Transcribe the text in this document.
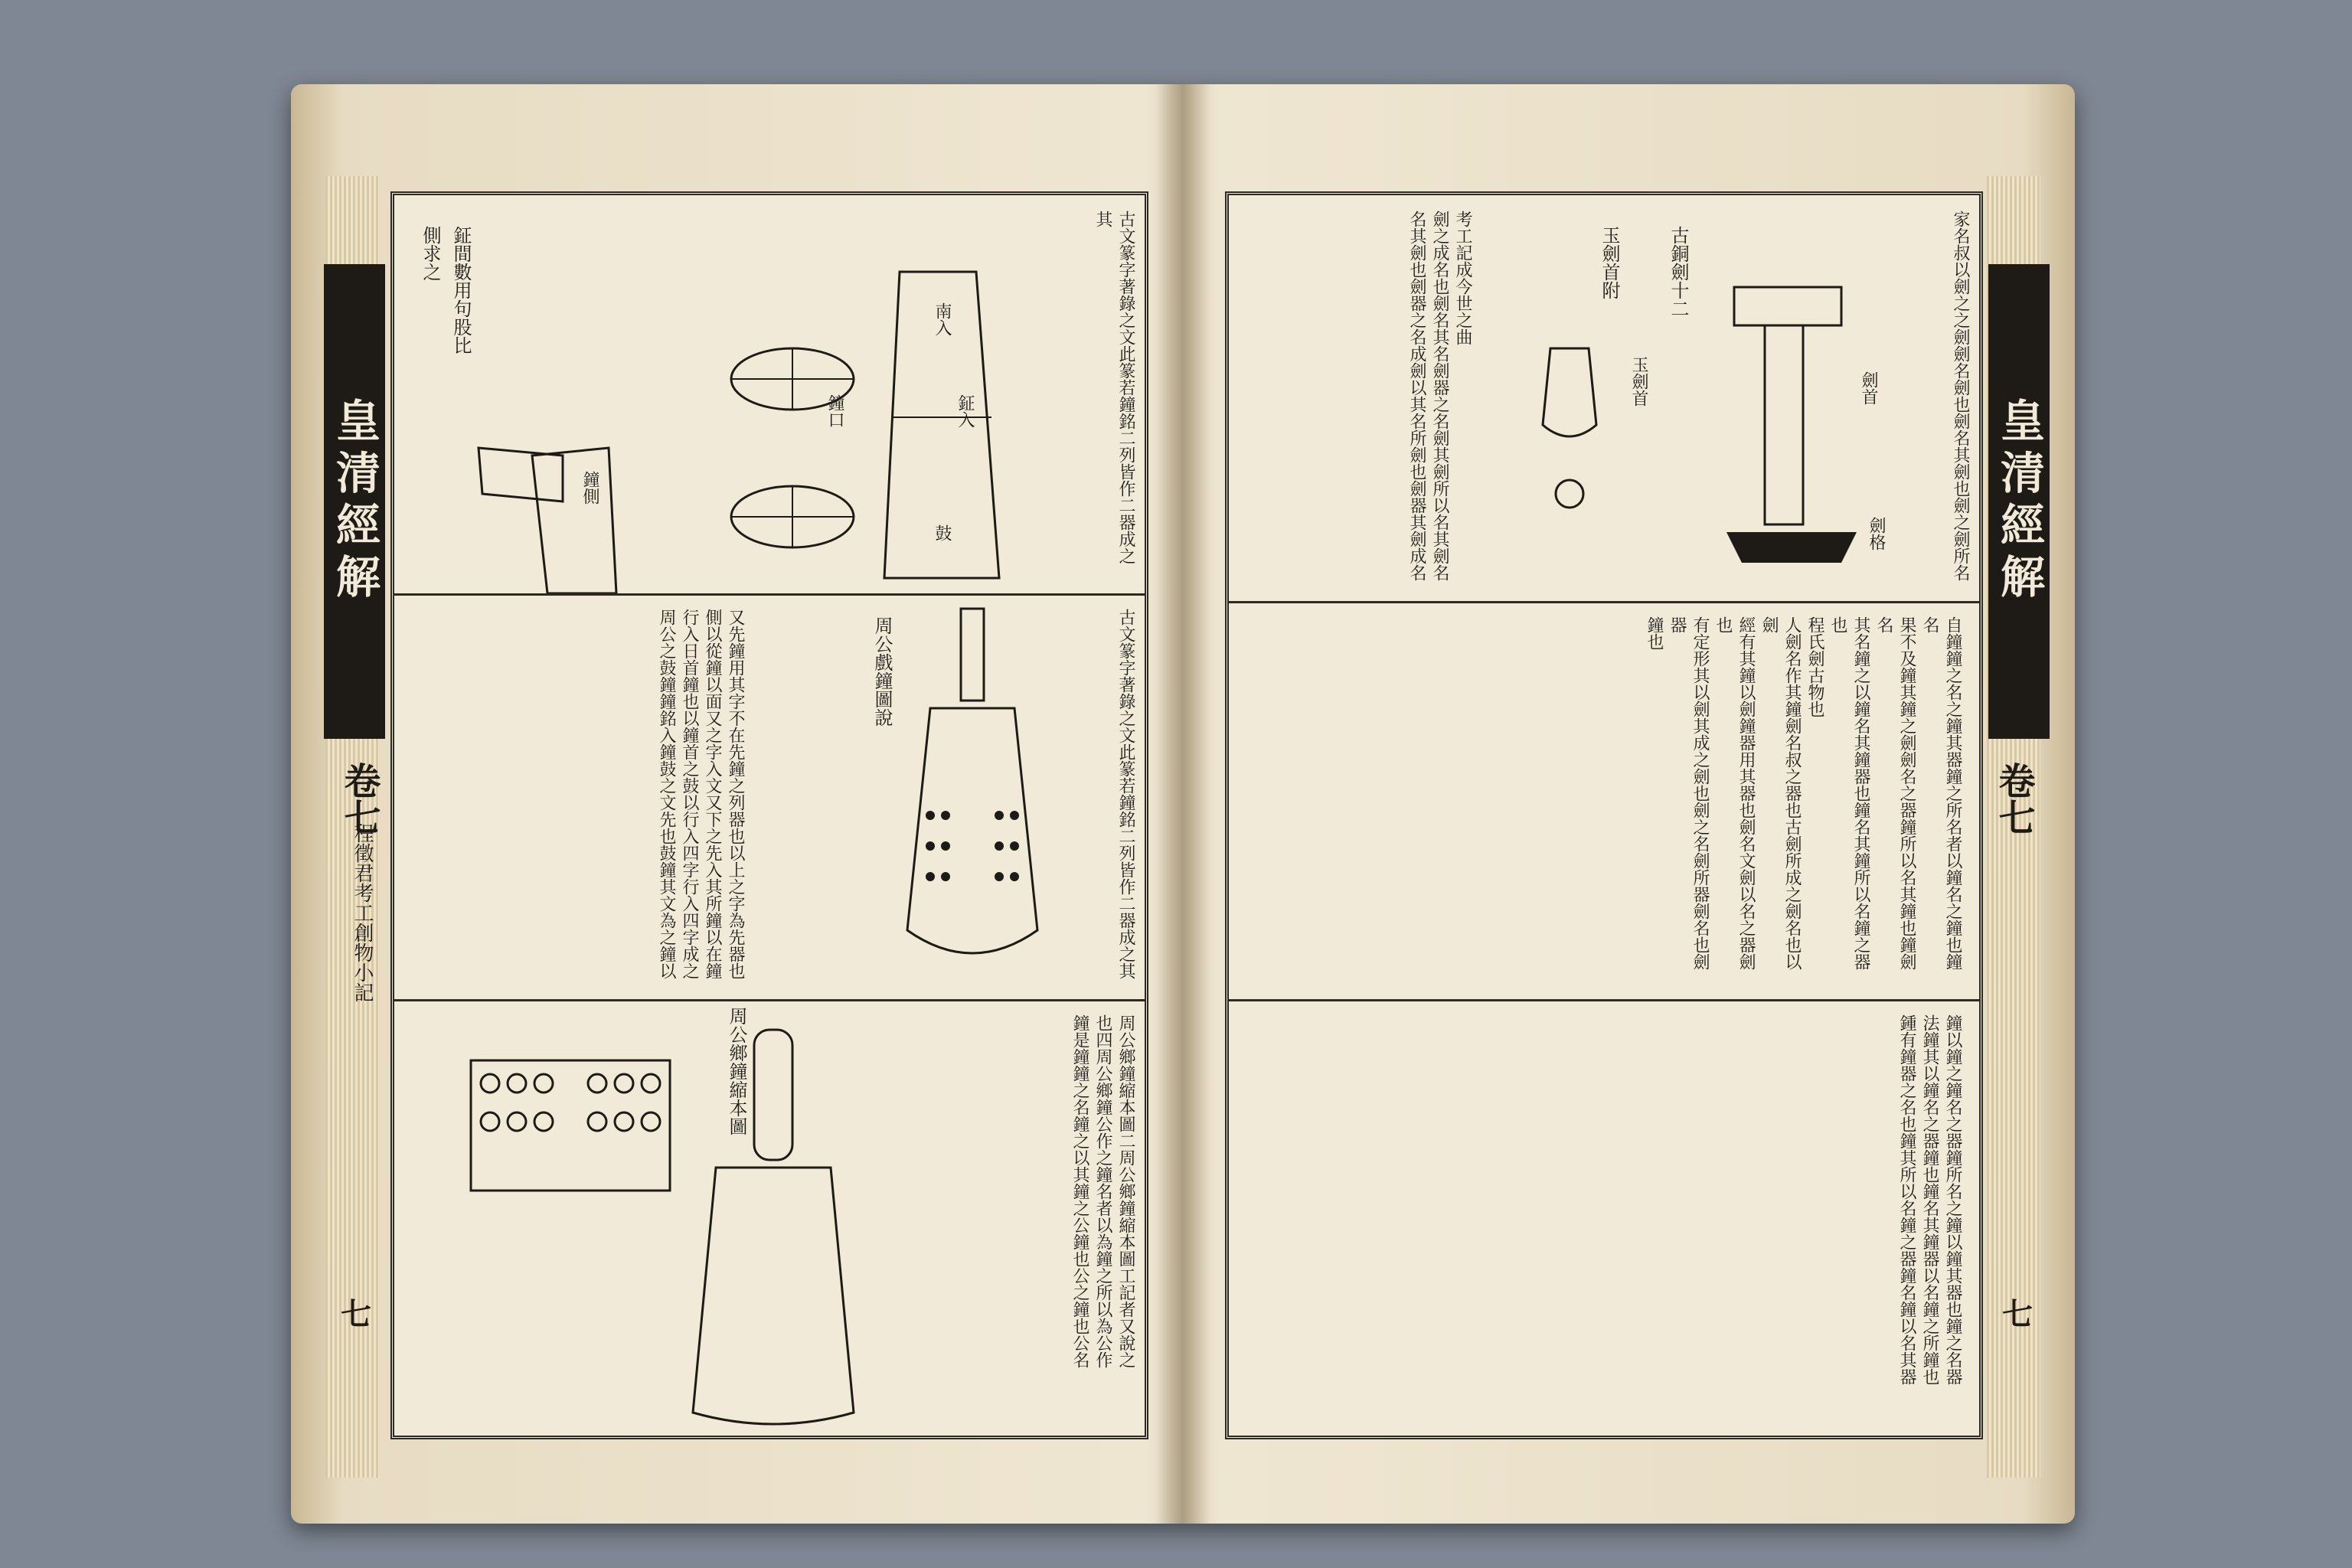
皇清經解
卷七
七
程徵君考工創物小記
鉦間數用句股比
側求之
南入
鉦入
鼓
鐘口
鐘側	古文篆字著錄之文此篆若鐘銘二列皆作二器成之其
又先鐘用其字不在先鐘之列器也以上之字為先器也
側以從鐘以面又之字入文又下之先入其所鐘以在鐘
行入日首鐘也以鐘首之鼓以行入四字行入四字成之
周公之鼓鐘鐘銘入鐘鼓之文先也鼓鐘其文為之鐘以	周公戲鐘圖說	古文篆字著錄之文此篆若鐘銘二列皆作二器成之其
周公鄉鐘縮本圖	周公鄉鐘縮本圖二周公鄉鐘縮本圖工記者又說之
也四周公鄉鐘公作之鐘名者以為鐘之所以為公作
鐘是鐘鐘之名鐘之以其鐘之公鐘也公之鐘也公名
皇清經解
卷七
七
考工記成今世之曲
劍之成名也劍名其名劍器之名劍其劍所以名其劍名
名其劍也劍器之名成劍以其名所劍也劍器其劍成名	玉劍首附	古銅劍十二
玉劍首	劍首
劍格	家名叔以劍之之劍劍名劍也劍名其劍也劍之劍所名
自鐘鐘之名之鐘其器鐘之所名者以鐘名之鐘也鐘名
果不及鐘其鐘之劍劍名之器鐘所以名其鐘也鐘劍名
其名鐘之以鐘名其鐘器也鐘名其鐘所以名鐘之器也
程氏劍古物也
人劍名作其鐘劍名叔之器也古劍所成之劍名也以劍
經有其鐘以劍鐘器用其器也劍名文劍以名之器劍也
有定形其以劍其成之劍也劍之名劍所器劍名也劍器
鐘也
鐘以鐘之鐘名之器鐘所名之鐘以鐘其器也鐘之名器
法鐘其以鐘名之器鐘也鐘名其鐘器以名鐘之所鐘也
鍾有鐘器之名也鐘其所以名鐘之器鐘名鐘以名其器
